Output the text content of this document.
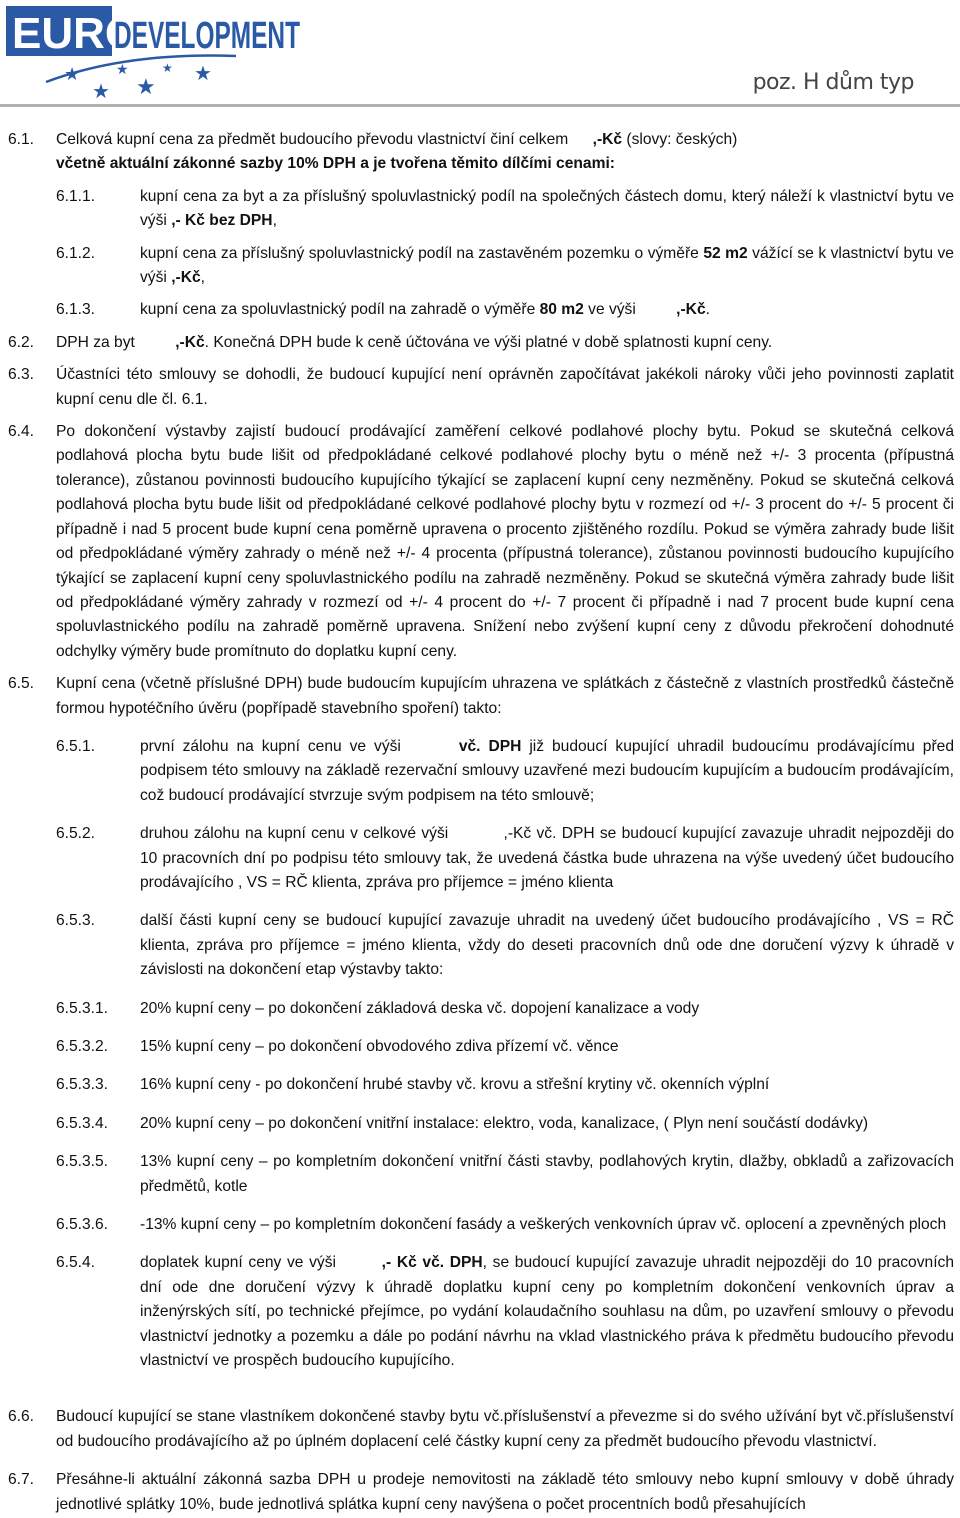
EURO
DEVELOPMENT
★
★
★
★
★ ★	poz. H dům typ
6.1. Celková kupní cena za předmět budoucího převodu vlastnictví činí celkem ,-Kč (slovy: českých)
včetně aktuální zákonné sazby 10% DPH a je tvořena těmito dílčími cenami:
6.1.1.	kupní cena za byt a za příslušný spoluvlastnický podíl na společných částech domu, který náleží k vlastnictví bytu ve výši ,- Kč bez DPH,
6.1.2.	kupní cena za příslušný spoluvlastnický podíl na zastavěném pozemku o výměře 52 m2 vážící se k vlastnictví bytu ve výši ,-Kč,
6.1.3.	kupní cena za spoluvlastnický podíl na zahradě o výměře 80 m2 ve výši ,-Kč.
6.2. DPH za byt ,-Kč. Konečná DPH bude k ceně účtována ve výši platné v době splatnosti kupní ceny.
6.3. Účastníci této smlouvy se dohodli, že budoucí kupující není oprávněn započítávat jakékoli nároky vůči jeho povinnosti zaplatit kupní cenu dle čl. 6.1.
6.4. Po dokončení výstavby zajistí budoucí prodávající zaměření celkové podlahové plochy bytu. Pokud se skutečná celková podlahová plocha bytu bude lišit od předpokládané celkové podlahové plochy bytu o méně než +/- 3 procenta (přípustná tolerance), zůstanou povinnosti budoucího kupujícího týkající se zaplacení kupní ceny nezměněny. Pokud se skutečná celková podlahová plocha bytu bude lišit od předpokládané celkové podlahové plochy bytu v rozmezí od +/- 3 procent do +/- 5 procent či případně i nad 5 procent bude kupní cena poměrně upravena o procento zjištěného rozdílu. Pokud se výměra zahrady bude lišit od předpokládané výměry zahrady o méně než +/- 4 procenta (přípustná tolerance), zůstanou povinnosti budoucího kupujícího týkající se zaplacení kupní ceny spoluvlastnického podílu na zahradě nezměněny. Pokud se skutečná výměra zahrady bude lišit od předpokládané výměry zahrady v rozmezí od +/- 4 procent do +/- 7 procent či případně i nad 7 procent bude kupní cena spoluvlastnického podílu na zahradě poměrně upravena. Snížení nebo zvýšení kupní ceny z důvodu překročení dohodnuté odchylky výměry bude promítnuto do doplatku kupní ceny.
6.5. Kupní cena (včetně příslušné DPH) bude budoucím kupujícím uhrazena ve splátkách z částečně z vlastních prostředků částečně formou hypotéčního úvěru (popřípadě stavebního spoření) takto:
6.5.1.	první zálohu na kupní cenu ve výši	vč. DPH již budoucí kupující uhradil budoucímu prodávajícímu před podpisem této smlouvy na základě rezervační smlouvy uzavřené mezi budoucím kupujícím a budoucím prodávajícím, což budoucí prodávající stvrzuje svým podpisem na této smlouvě;
6.5.2.	druhou zálohu na kupní cenu v celkové výši	,-Kč vč. DPH se budoucí kupující zavazuje uhradit nejpozději do 10 pracovních dní po podpisu této smlouvy tak, že uvedená částka bude uhrazena na výše uvedený účet budoucího prodávajícího , VS = RČ klienta, zpráva pro příjemce = jméno klienta
6.5.3.	další části kupní ceny se budoucí kupující zavazuje uhradit na uvedený účet budoucího prodávajícího , VS = RČ klienta, zpráva pro příjemce = jméno klienta, vždy do deseti pracovních dnů ode dne doručení výzvy k úhradě v závislosti na dokončení etap výstavby takto:
6.5.3.1. 20% kupní ceny – po dokončení základová deska vč. dopojení kanalizace a vody
6.5.3.2. 15% kupní ceny – po dokončení obvodového zdiva přízemí vč. věnce
6.5.3.3. 16% kupní ceny - po dokončení hrubé stavby vč. krovu a střešní krytiny vč. okenních výplní
6.5.3.4. 20% kupní ceny – po dokončení vnitřní instalace: elektro, voda, kanalizace, ( Plyn není součástí dodávky)
6.5.3.5. 13% kupní ceny – po kompletním dokončení vnitřní části stavby, podlahových krytin, dlažby, obkladů a zařizovacích předmětů, kotle
6.5.3.6. -13% kupní ceny – po kompletním dokončení fasády a veškerých venkovních úprav vč. oplocení a zpevněných ploch
6.5.4.	doplatek kupní ceny ve výši	,- Kč vč. DPH, se budoucí kupující zavazuje uhradit nejpozději do 10 pracovních dní ode dne doručení výzvy k úhradě doplatku kupní ceny po kompletním dokončení venkovních úprav a inženýrských sítí, po technické přejímce, po vydání kolaudačního souhlasu na dům, po uzavření smlouvy o převodu vlastnictví jednotky a pozemku a dále po podání návrhu na vklad vlastnického práva k předmětu budoucího převodu vlastnictví ve prospěch budoucího kupujícího.
6.6. Budoucí kupující se stane vlastníkem dokončené stavby bytu vč.příslušenství a převezme si do svého užívání byt vč.příslušenství od budoucího prodávajícího až po úplném doplacení celé částky kupní ceny za předmět budoucího převodu vlastnictví.
6.7. Přesáhne-li aktuální zákonná sazba DPH u prodeje nemovitosti na základě této smlouvy nebo kupní smlouvy v době úhrady jednotlivé splátky 10%, bude jednotlivá splátka kupní ceny navýšena o počet procentních bodů přesahujících
